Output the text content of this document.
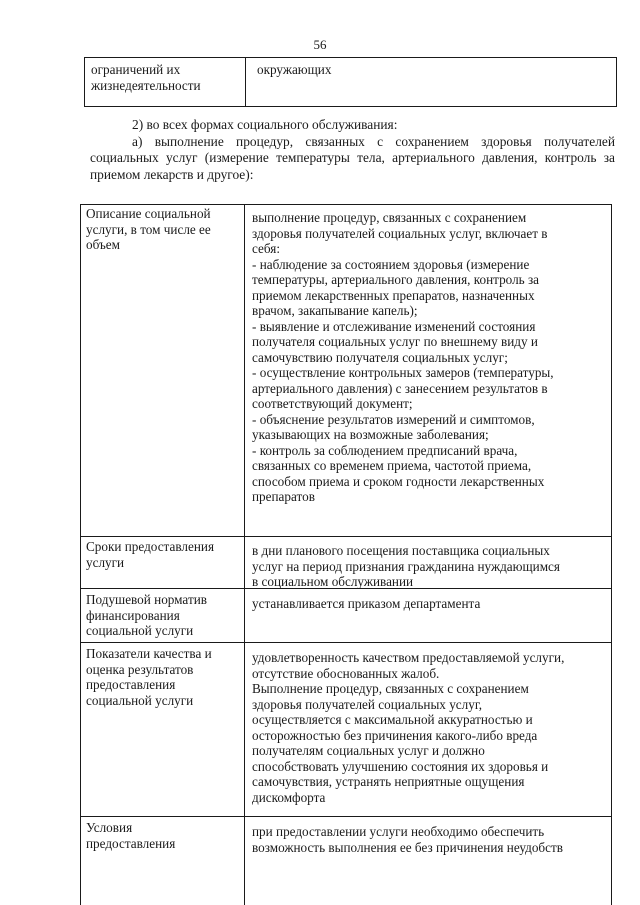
56
ограничений их
жизнедеятельности
окружающих

2) во всех формах социального обслуживания:

а) выполнение процедур, связанных с сохранением здоровья получателей социальных услуг (измерение температуры тела, артериального давления, контроль за приемом лекарств и другое):

Описание социальной
услуги, в том числе ее
объем
выполнение процедур, связанных с сохранением
здоровья получателей социальных услуг, включает в
себя:
- наблюдение за состоянием здоровья (измерение
температуры, артериального давления, контроль за
приемом лекарственных препаратов, назначенных
врачом, закапывание капель);
- выявление и отслеживание изменений состояния
получателя социальных услуг по внешнему виду и
самочувствию получателя социальных услуг;
- осуществление контрольных замеров (температуры,
артериального давления) с занесением результатов в
соответствующий документ;
- объяснение результатов измерений и симптомов,
указывающих на возможные заболевания;
- контроль за соблюдением предписаний врача,
связанных со временем приема, частотой приема,
способом приема и сроком годности лекарственных
препаратов
Сроки предоставления
услуги
в дни планового посещения поставщика социальных
услуг на период признания гражданина нуждающимся
в социальном обслуживании
Подушевой норматив
финансирования
социальной услуги
устанавливается приказом департамента
Показатели качества и
оценка результатов
предоставления
социальной услуги
удовлетворенность качеством предоставляемой услуги,
отсутствие обоснованных жалоб.
Выполнение процедур, связанных с сохранением
здоровья получателей социальных услуг,
осуществляется с максимальной аккуратностью и
осторожностью без причинения какого-либо вреда
получателям социальных услуг и должно
способствовать улучшению состояния их здоровья и
самочувствия, устранять неприятные ощущения
дискомфорта
Условия
предоставления
при предоставлении услуги необходимо обеспечить
возможность выполнения ее без причинения неудобств
